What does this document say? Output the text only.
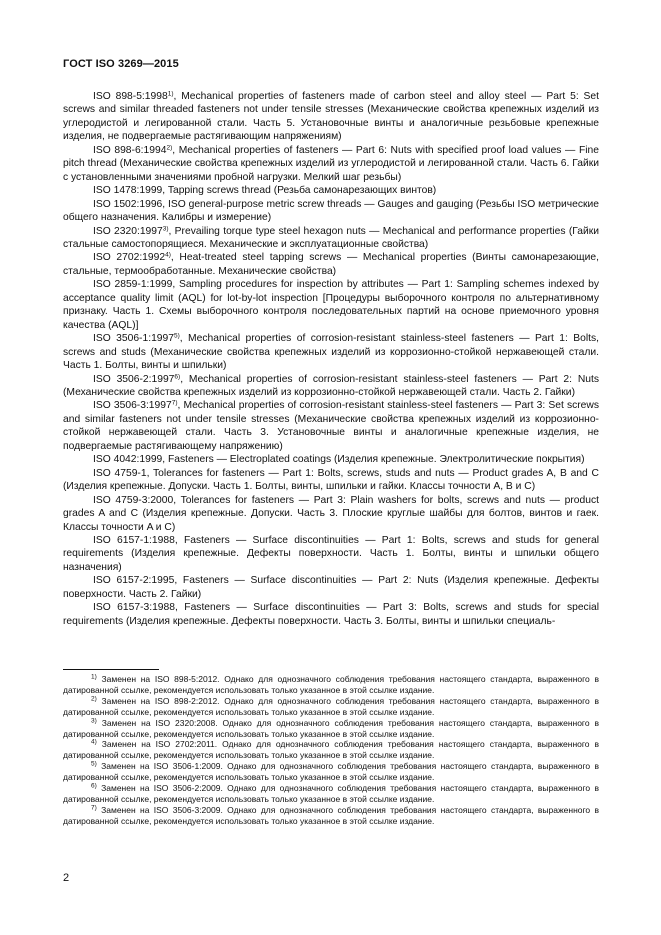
ГОСТ ISO 3269—2015

ISO 898-5:1998$^{1)}$, Mechanical properties of fasteners made of carbon steel and alloy steel — Part 5: Set screws and similar threaded fasteners not under tensile stresses (Механические свойства крепежных изделий из углеродистой и легированной стали. Часть 5. Установочные винты и аналогичные резьбовые крепежные изделия, не подвергаемые растягивающим напряжениям)

ISO 898-6:1994$^{2)}$, Mechanical properties of fasteners — Part 6: Nuts with specified proof load values — Fine pitch thread (Механические свойства крепежных изделий из углеродистой и легированной стали. Часть 6. Гайки с установленными значениями пробной нагрузки. Мелкий шаг резьбы)

ISO 1478:1999, Tapping screws thread (Резьба самонарезающих винтов)

ISO 1502:1996, ISO general-purpose metric screw threads — Gauges and gauging (Резьбы ISO метрические общего назначения. Калибры и измерение)

ISO 2320:1997$^{3)}$, Prevailing torque type steel hexagon nuts — Mechanical and performance properties (Гайки стальные самостопорящиеся. Механические и эксплуатационные свойства)

ISO 2702:1992$^{4)}$, Heat-treated steel tapping screws — Mechanical properties (Винты самонарезающие, стальные, термообработанные. Механические свойства)

ISO 2859-1:1999, Sampling procedures for inspection by attributes — Part 1: Sampling schemes indexed by acceptance quality limit (AQL) for lot-by-lot inspection [Процедуры выборочного контроля по альтернативному признаку. Часть 1. Схемы выборочного контроля последовательных партий на основе приемочного уровня качества (AQL)]

ISO 3506-1:1997$^{5)}$, Mechanical properties of corrosion-resistant stainless-steel fasteners — Part 1: Bolts, screws and studs (Механические свойства крепежных изделий из коррозионно-стойкой нержавеющей стали. Часть 1. Болты, винты и шпильки)

ISO 3506-2:1997$^{6)}$, Mechanical properties of corrosion-resistant stainless-steel fasteners — Part 2: Nuts (Механические свойства крепежных изделий из коррозионно-стойкой нержавеющей стали. Часть 2. Гайки)

ISO 3506-3:1997$^{7)}$, Mechanical properties of corrosion-resistant stainless-steel fasteners — Part 3: Set screws and similar fasteners not under tensile stresses (Механические свойства крепежных изделий из коррозионно-стойкой нержавеющей стали. Часть 3. Установочные винты и аналогичные крепежные изделия, не подвергаемые растягивающему напряжению)

ISO 4042:1999, Fasteners — Electroplated coatings (Изделия крепежные. Электролитические покрытия)

ISO 4759-1, Tolerances for fasteners — Part 1: Bolts, screws, studs and nuts — Product grades A, B and C (Изделия крепежные. Допуски. Часть 1. Болты, винты, шпильки и гайки. Классы точности A, B и C)

ISO 4759-3:2000, Tolerances for fasteners — Part 3: Plain washers for bolts, screws and nuts — product grades A and C (Изделия крепежные. Допуски. Часть 3. Плоские круглые шайбы для болтов, винтов и гаек. Классы точности A и C)

ISO 6157-1:1988, Fasteners — Surface discontinuities — Part 1: Bolts, screws and studs for general requirements (Изделия крепежные. Дефекты поверхности. Часть 1. Болты, винты и шпильки общего назначения)

ISO 6157-2:1995, Fasteners — Surface discontinuities — Part 2: Nuts (Изделия крепежные. Дефекты поверхности. Часть 2. Гайки)

ISO 6157-3:1988, Fasteners — Surface discontinuities — Part 3: Bolts, screws and studs for special requirements (Изделия крепежные. Дефекты поверхности. Часть 3. Болты, винты и шпильки специаль-

$^{1)}$ Заменен на ISO 898-5:2012. Однако для однозначного соблюдения требования настоящего стандарта, выраженного в датированной ссылке, рекомендуется использовать только указанное в этой ссылке издание.

$^{2)}$ Заменен на ISO 898-2:2012. Однако для однозначного соблюдения требования настоящего стандарта, выраженного в датированной ссылке, рекомендуется использовать только указанное в этой ссылке издание.

$^{3)}$ Заменен на ISO 2320:2008. Однако для однозначного соблюдения требования настоящего стандарта, выраженного в датированной ссылке, рекомендуется использовать только указанное в этой ссылке издание.

$^{4)}$ Заменен на ISO 2702:2011. Однако для однозначного соблюдения требования настоящего стандарта, выраженного в датированной ссылке, рекомендуется использовать только указанное в этой ссылке издание.

$^{5)}$ Заменен на ISO 3506-1:2009. Однако для однозначного соблюдения требования настоящего стандарта, выраженного в датированной ссылке, рекомендуется использовать только указанное в этой ссылке издание.

$^{6)}$ Заменен на ISO 3506-2:2009. Однако для однозначного соблюдения требования настоящего стандарта, выраженного в датированной ссылке, рекомендуется использовать только указанное в этой ссылке издание.

$^{7)}$ Заменен на ISO 3506-3:2009. Однако для однозначного соблюдения требования настоящего стандарта, выраженного в датированной ссылке, рекомендуется использовать только указанное в этой ссылке издание.

2
